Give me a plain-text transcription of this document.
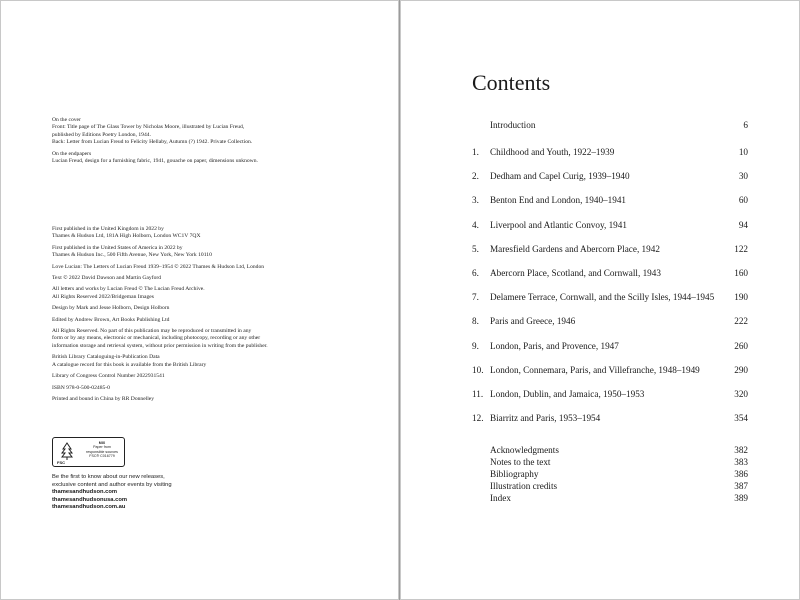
On the cover
Front: Title page of The Glass Tower by Nicholas Moore, illustrated by Lucian Freud,
published by Editions Poetry London, 1944.
Back: Letter from Lucian Freud to Felicity Hellaby, Autumn (?) 1942. Private Collection.

On the endpapers
Lucian Freud, design for a furnishing fabric, 1941, gouache on paper, dimensions unknown.

First published in the United Kingdom in 2022 by
Thames & Hudson Ltd, 181A High Holborn, London WC1V 7QX

First published in the United States of America in 2022 by
Thames & Hudson Inc., 500 Fifth Avenue, New York, New York 10110

Love Lucian: The Letters of Lucian Freud 1939–1954 © 2022 Thames & Hudson Ltd, London

Text © 2022 David Dawson and Martin Gayford

All letters and works by Lucian Freud © The Lucian Freud Archive.
All Rights Reserved 2022/Bridgeman Images

Design by Mark and Jesse Holborn, Design Holborn

Edited by Andrew Brown, Art Books Publishing Ltd

All Rights Reserved. No part of this publication may be reproduced or transmitted in any
form or by any means, electronic or mechanical, including photocopy, recording or any other
information storage and retrieval system, without prior permission in writing from the publisher.

British Library Cataloguing-in-Publication Data
A catalogue record for this book is available from the British Library

Library of Congress Control Number 2022931541

ISBN 978-0-500-02485-0

Printed and bound in China by RR Donnelley

FSC
MIX
Paper from
responsible sources
FSC® C016779

Be the first to know about our new releases,
exclusive content and author events by visiting
thamesandhudson.com
thamesandhudsonusa.com
thamesandhudson.com.au

Contents
Introduction	6
1. Childhood and Youth, 1922–1939	10
2. Dedham and Capel Curig, 1939–1940	30
3. Benton End and London, 1940–1941	60
4. Liverpool and Atlantic Convoy, 1941	94
5. Maresfield Gardens and Abercorn Place, 1942	122
6. Abercorn Place, Scotland, and Cornwall, 1943	160
7. Delamere Terrace, Cornwall, and the Scilly Isles, 1944–1945 190
8. Paris and Greece, 1946	222
9. London, Paris, and Provence, 1947	260
10. London, Connemara, Paris, and Villefranche, 1948–1949	290
11. London, Dublin, and Jamaica, 1950–1953	320
12. Biarritz and Paris, 1953–1954	354
Acknowledgments	382
Notes to the text	383
Bibliography	386
Illustration credits	387
Index	389
